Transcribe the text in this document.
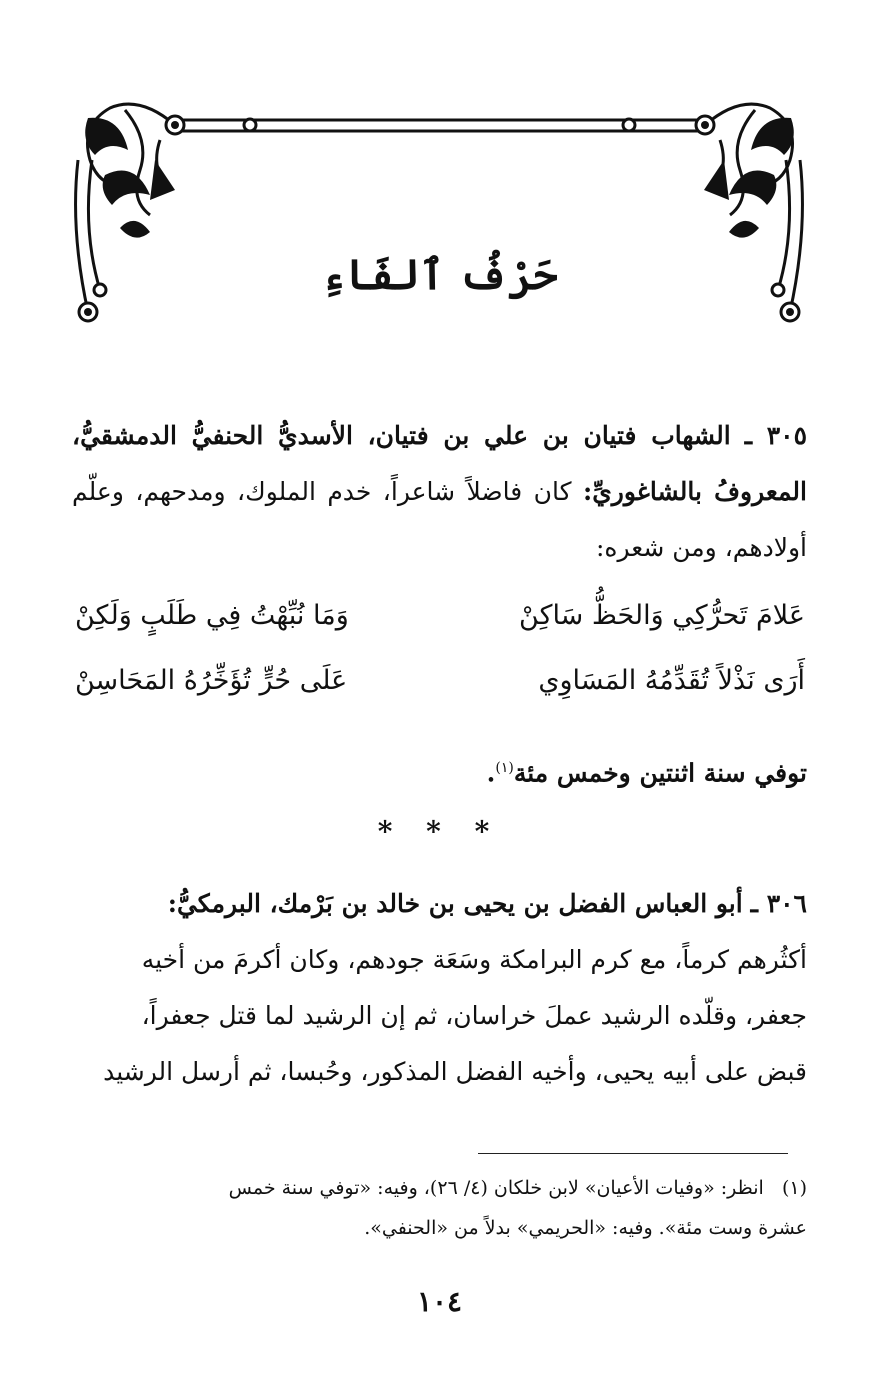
حَرْفُ ٱلفَاءِ
٣٠٥ ـ الشهاب فتيان بن علي بن فتيان، الأسديُّ الحنفيُّ الدمشقيُّ، المعروفُ بالشاغوريِّ: كان فاضلاً شاعراً، خدم الملوك، ومدحهم، وعلّم أولادهم، ومن شعره:
عَلامَ تَحرُّكِي وَالحَظُّ سَاكِنْ
وَمَا نُبِّهْتُ فِي طَلَبٍ وَلَكِنْ
أَرَى نَذْلاً تُقَدِّمُهُ المَسَاوِي
عَلَى حُرٍّ تُؤَخِّرُهُ المَحَاسِنْ
توفي سنة اثنتين وخمس مئة$^{(١)}$.
* * *
٣٠٦ ـ أبو العباس الفضل بن يحيى بن خالد بن بَرْمك، البرمكيُّ:
أكثُرهم كرماً، مع كرم البرامكة وسَعَة جودهم، وكان أكرمَ من أخيه
جعفر، وقلّده الرشيد عملَ خراسان، ثم إن الرشيد لما قتل جعفراً،
قبض على أبيه يحيى، وأخيه الفضل المذكور، وحُبسا، ثم أرسل الرشيد
(١)   انظر: «وفيات الأعيان» لابن خلكان (٤/ ٢٦)، وفيه: «توفي سنة خمس
عشرة وست مئة». وفيه: «الحريمي» بدلاً من «الحنفي».
١٠٤
